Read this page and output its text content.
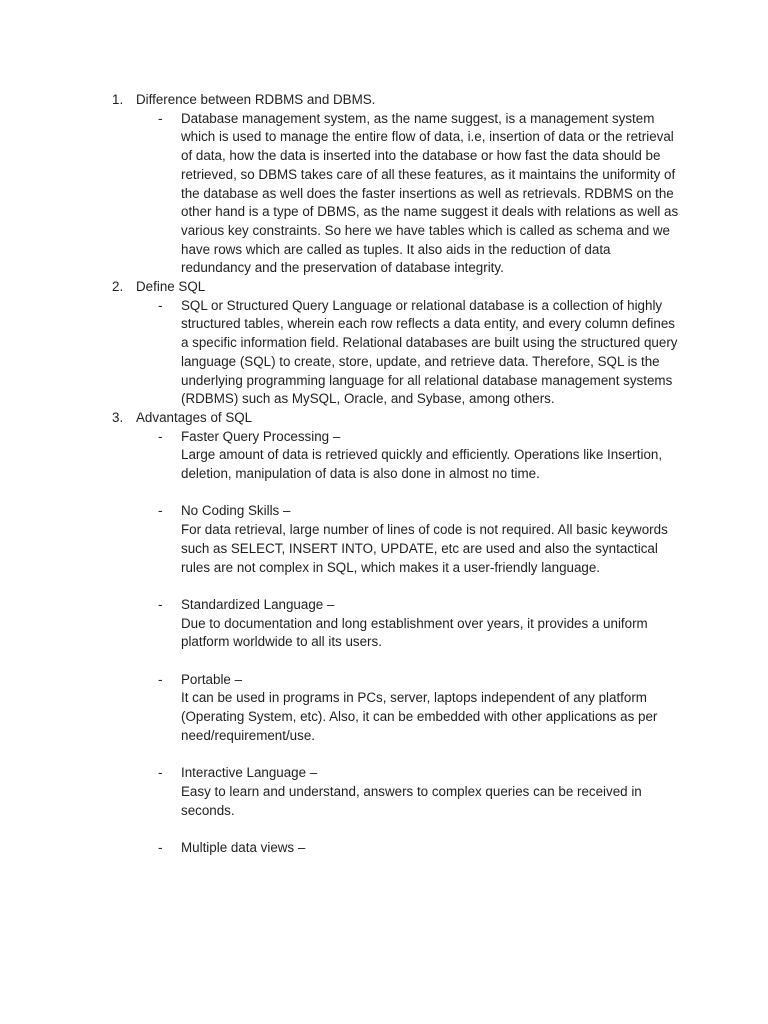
1. Difference between RDBMS and DBMS.
- Database management system, as the name suggest, is a management system which is used to manage the entire flow of data, i.e, insertion of data or the retrieval of data, how the data is inserted into the database or how fast the data should be retrieved, so DBMS takes care of all these features, as it maintains the uniformity of the database as well does the faster insertions as well as retrievals. RDBMS on the other hand is a type of DBMS, as the name suggest it deals with relations as well as various key constraints. So here we have tables which is called as schema and we have rows which are called as tuples. It also aids in the reduction of data redundancy and the preservation of database integrity.
2. Define SQL
- SQL or Structured Query Language or relational database is a collection of highly structured tables, wherein each row reflects a data entity, and every column defines a specific information field. Relational databases are built using the structured query language (SQL) to create, store, update, and retrieve data. Therefore, SQL is the underlying programming language for all relational database management systems (RDBMS) such as MySQL, Oracle, and Sybase, among others.
3. Advantages of SQL
- Faster Query Processing –
Large amount of data is retrieved quickly and efficiently. Operations like Insertion, deletion, manipulation of data is also done in almost no time.
- No Coding Skills –
For data retrieval, large number of lines of code is not required. All basic keywords such as SELECT, INSERT INTO, UPDATE, etc are used and also the syntactical rules are not complex in SQL, which makes it a user-friendly language.
- Standardized Language –
Due to documentation and long establishment over years, it provides a uniform platform worldwide to all its users.
- Portable –
It can be used in programs in PCs, server, laptops independent of any platform (Operating System, etc). Also, it can be embedded with other applications as per need/requirement/use.
- Interactive Language –
Easy to learn and understand, answers to complex queries can be received in seconds.
- Multiple data views –
